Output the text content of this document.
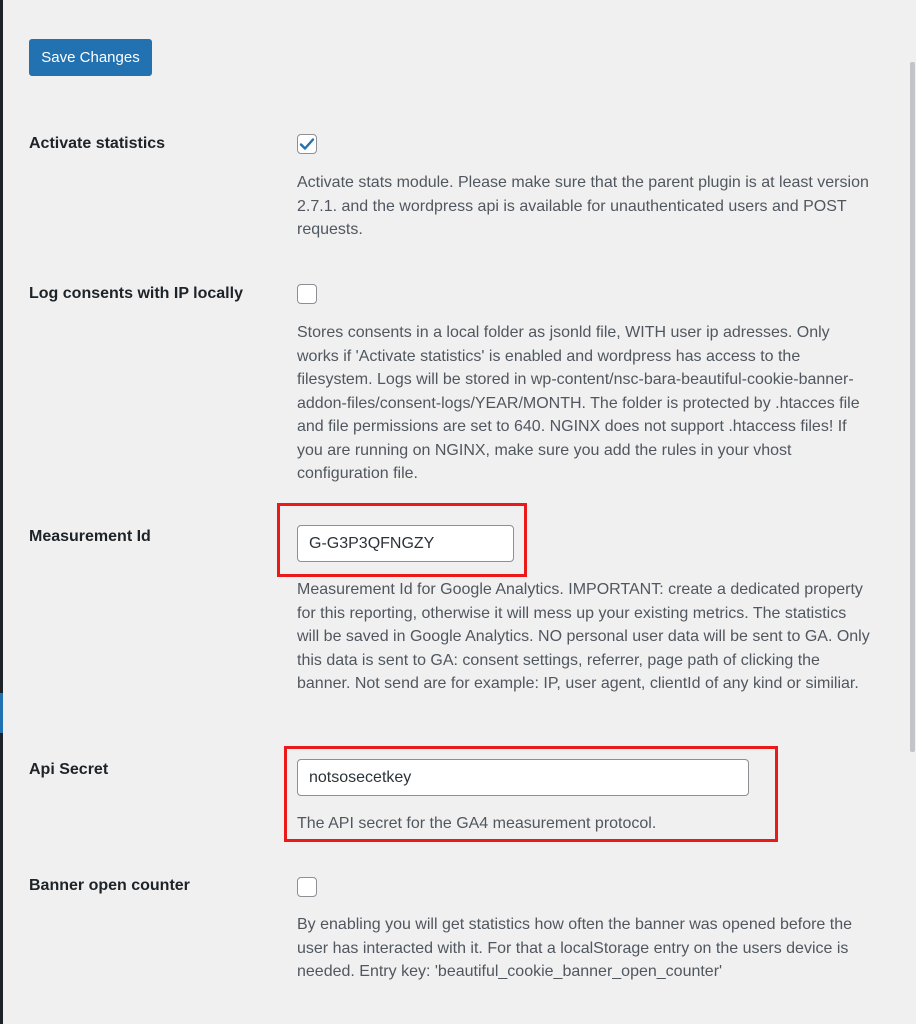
Save Changes
Activate statistics
Activate stats module. Please make sure that the parent plugin is at least version 2.7.1. and the wordpress api is available for unauthenticated users and POST requests.
Log consents with IP locally
Stores consents in a local folder as jsonld file, WITH user ip adresses. Only works if 'Activate statistics' is enabled and wordpress has access to the filesystem. Logs will be stored in wp-content/nsc-bara-beautiful-cookie-banner-addon-files/consent-logs/YEAR/MONTH. The folder is protected by .htacces file and file permissions are set to 640. NGINX does not support .htaccess files! If you are running on NGINX, make sure you add the rules in your vhost configuration file.
Measurement Id
G-G3P3QFNGZY
Measurement Id for Google Analytics. IMPORTANT: create a dedicated property for this reporting, otherwise it will mess up your existing metrics. The statistics will be saved in Google Analytics. NO personal user data will be sent to GA. Only this data is sent to GA: consent settings, referrer, page path of clicking the banner. Not send are for example: IP, user agent, clientId of any kind or similiar.
Api Secret
notsosecetkey
The API secret for the GA4 measurement protocol.
Banner open counter
By enabling you will get statistics how often the banner was opened before the user has interacted with it. For that a localStorage entry on the users device is needed. Entry key: 'beautiful_cookie_banner_open_counter'
